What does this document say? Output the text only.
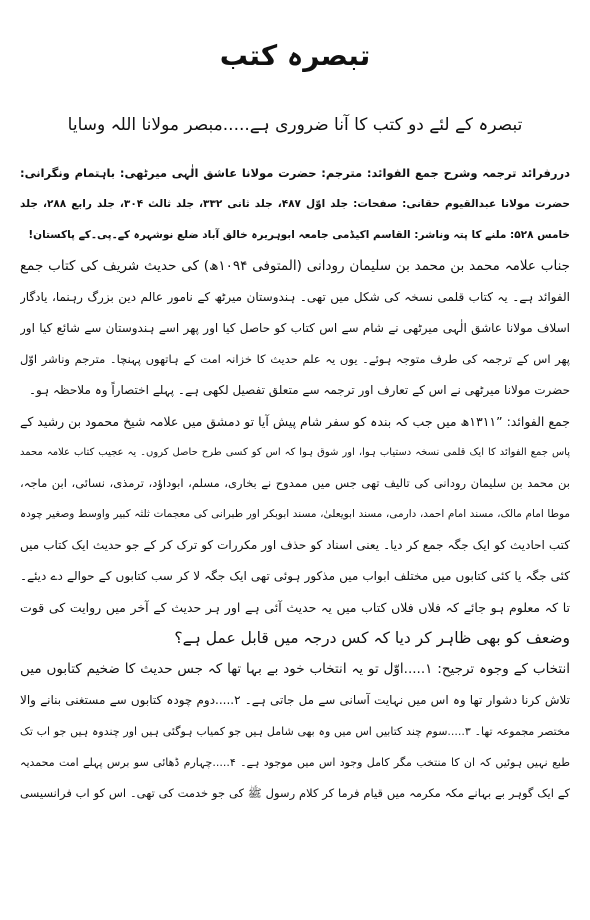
تبصرہ کتب
تبصرہ کے لئے دو کتب کا آنا ضروری ہے.....مبصر مولانا اللہ وسایا
دررفرائد ترجمہ وشرح جمع الفوائد: مترجم: حضرت مولانا عاشق الٰہی میرٹھی: باہتمام ونگرانی:
حضرت مولانا عبدالقیوم حقانی: صفحات: جلد اوّل ۴۸۷، جلد ثانی ۳۳۲، جلد ثالث ۳۰۴، جلد رابع ۲۸۸، جلد
خامس ۵۲۸: ملنے کا پتہ وناشر: القاسم اکیڈمی جامعہ ابوہریرہ خالق آباد ضلع نوشہرہ کے۔پی۔کے پاکستان!
جناب علامہ محمد بن محمد بن سلیمان رودانی (المتوفی ۱۰۹۴ھ) کی حدیث شریف کی کتاب جمع
الفوائد ہے۔ یہ کتاب قلمی نسخہ کی شکل میں تھی۔ ہندوستان میرٹھ کے نامور عالم دین بزرگ رہنما، یادگار
اسلاف مولانا عاشق الٰہی میرٹھی نے شام سے اس کتاب کو حاصل کیا اور پھر اسے ہندوستان سے شائع کیا اور
پھر اس کے ترجمہ کی طرف متوجہ ہوئے۔ یوں یہ علم حدیث کا خزانہ امت کے ہاتھوں پہنچا۔ مترجم وناشر اوّل
حضرت مولانا میرٹھی نے اس کے تعارف اور ترجمہ سے متعلق تفصیل لکھی ہے۔ پہلے اختصاراً وہ ملاحظہ ہو۔
جمع الفوائد: ”۱۳۱۱ھ میں جب کہ بندہ کو سفر شام پیش آیا تو دمشق میں علامہ شیخ محمود بن رشید کے
پاس جمع الفوائد کا ایک قلمی نسخہ دستیاب ہوا، اور شوق ہوا کہ اس کو کسی طرح حاصل کروں۔ یہ عجیب کتاب علامہ محمد
بن محمد بن سلیمان رودانی کی تالیف تھی جس میں ممدوح نے بخاری، مسلم، ابوداؤد، ترمذی، نسائی، ابن ماجہ،
موطا امام مالک، مسند امام احمد، دارمی، مسند ابویعلیٰ، مسند ابوبکر اور طبرانی کی معجمات ثلثہ کبیر واوسط وصغیر چودہ
کتب احادیث کو ایک جگہ جمع کر دیا۔ یعنی اسناد کو حذف اور مکررات کو ترک کر کے جو حدیث ایک کتاب میں
کئی جگہ یا کئی کتابوں میں مختلف ابواب میں مذکور ہوئی تھی ایک جگہ لا کر سب کتابوں کے حوالے دے دیئے۔
تا کہ معلوم ہو جائے کہ فلاں فلاں کتاب میں یہ حدیث آئی ہے اور ہر حدیث کے آخر میں روایت کی قوت
وضعف کو بھی ظاہر کر دیا کہ کس درجہ میں قابل عمل ہے؟
انتخاب کے وجوہ ترجیح: ۱.....اوّل تو یہ انتخاب خود بے بہا تھا کہ جس حدیث کا ضخیم کتابوں میں
تلاش کرنا دشوار تھا وہ اس میں نہایت آسانی سے مل جاتی ہے۔ ۲.....دوم چودہ کتابوں سے مستغنی بنانے والا
مختصر مجموعہ تھا۔ ۳.....سوم چند کتابیں اس میں وہ بھی شامل ہیں جو کمیاب ہوگئی ہیں اور چندوہ ہیں جو اب تک
طبع نہیں ہوئیں کہ ان کا منتخب مگر کامل وجود اس میں موجود ہے۔ ۴.....چہارم ڈھائی سو برس پہلے امت محمدیہ
کے ایک گوہر بے بہانے مکہ مکرمہ میں قیام فرما کر کلام رسول ﷺ کی جو خدمت کی تھی۔ اس کو اب فرانسیسی
